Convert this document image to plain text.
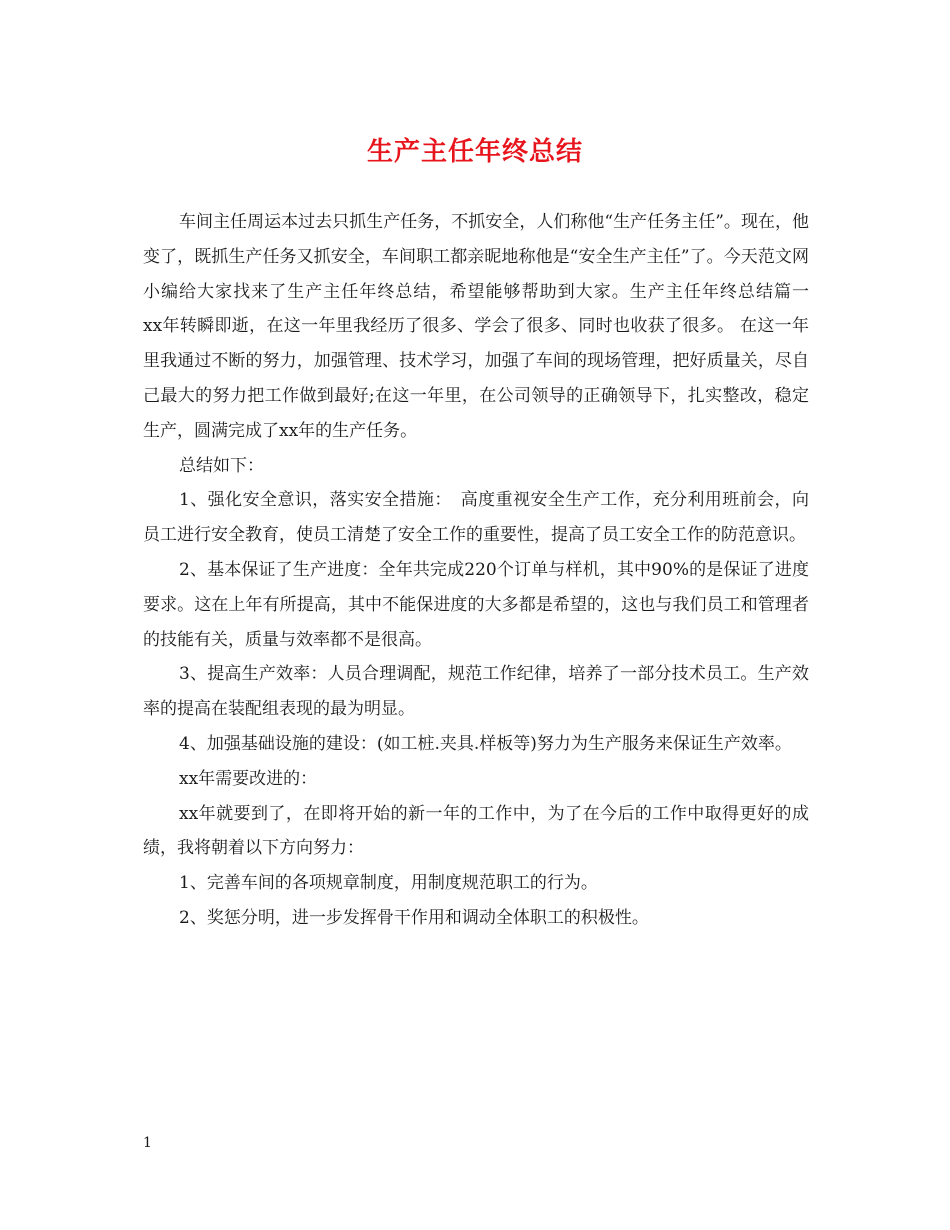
生产主任年终总结

车间主任周运本过去只抓生产任务，不抓安全，人们称他“生产任务主任”。现在，他变了，既抓生产任务又抓安全，车间职工都亲昵地称他是“安全生产主任”了。今天范文网小编给大家找来了生产主任年终总结，希望能够帮助到大家。生产主任年终总结篇一　　xx年转瞬即逝，在这一年里我经历了很多、学会了很多、同时也收获了很多。 在这一年里我通过不断的努力，加强管理、技术学习，加强了车间的现场管理，把好质量关，尽自己最大的努力把工作做到最好;在这一年里，在公司领导的正确领导下，扎实整改，稳定生产，圆满完成了xx年的生产任务。

总结如下：

1、强化安全意识，落实安全措施：　高度重视安全生产工作，充分利用班前会，向员工进行安全教育，使员工清楚了安全工作的重要性，提高了员工安全工作的防范意识。

2、基本保证了生产进度：全年共完成220个订单与样机，其中90%的是保证了进度要求。这在上年有所提高，其中不能保进度的大多都是希望的，这也与我们员工和管理者的技能有关，质量与效率都不是很高。

3、提高生产效率：人员合理调配，规范工作纪律，培养了一部分技术员工。生产效率的提高在装配组表现的最为明显。

4、加强基础设施的建设：(如工桩.夹具.样板等)努力为生产服务来保证生产效率。

xx年需要改进的：

xx年就要到了，在即将开始的新一年的工作中，为了在今后的工作中取得更好的成绩，我将朝着以下方向努力：

1、完善车间的各项规章制度，用制度规范职工的行为。

2、奖惩分明，进一步发挥骨干作用和调动全体职工的积极性。

1
